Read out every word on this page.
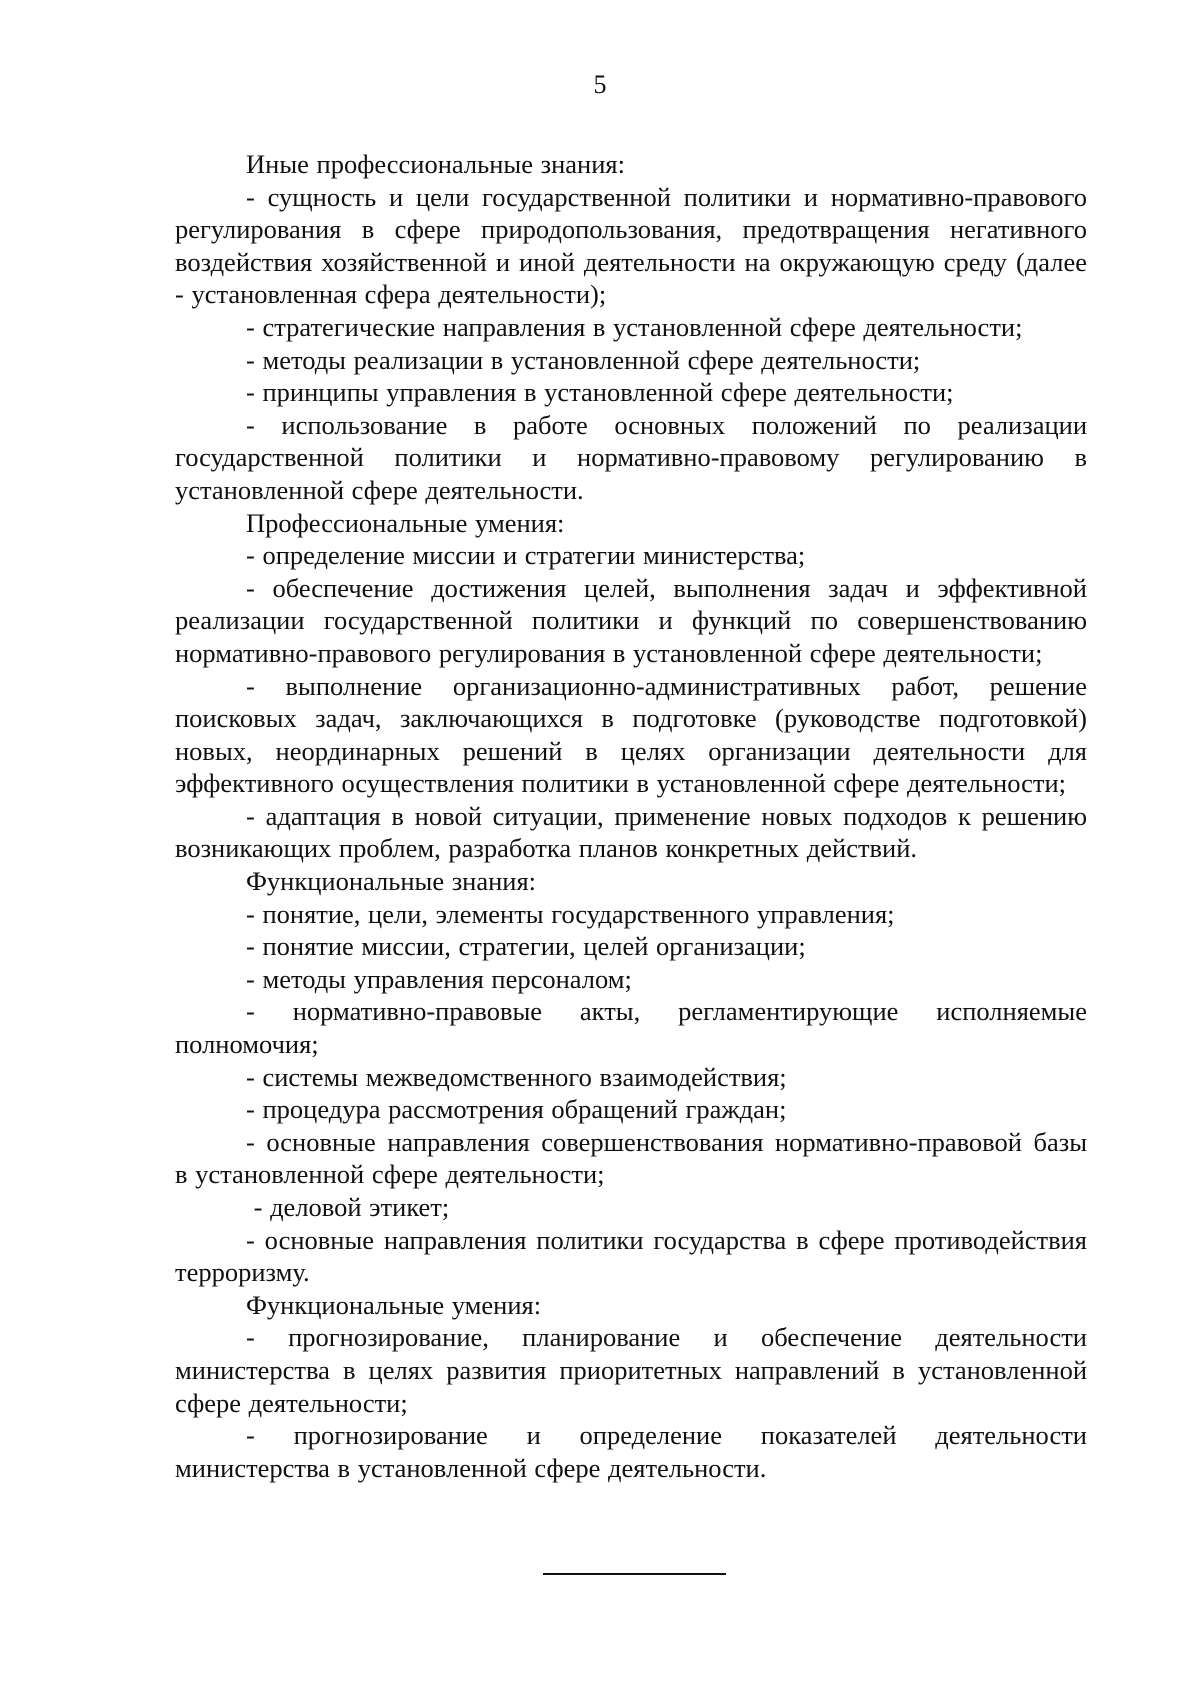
5

Иные профессиональные знания:

- сущность и цели государственной политики и нормативно-правового регулирования в сфере природопользования, предотвращения негативного воздействия хозяйственной и иной деятельности на окружающую среду (далее - установленная сфера деятельности);

- стратегические направления в установленной сфере деятельности;

- методы реализации в установленной сфере деятельности;

- принципы управления в установленной сфере деятельности;

- использование в работе основных положений по реализации государственной политики и нормативно-правовому регулированию в установленной сфере деятельности.

Профессиональные умения:

- определение миссии и стратегии министерства;

- обеспечение достижения целей, выполнения задач и эффективной реализации государственной политики и функций по совершенствованию нормативно-правового регулирования в установленной сфере деятельности;

- выполнение организационно-административных работ, решение поисковых задач, заключающихся в подготовке (руководстве подготовкой) новых, неординарных решений в целях организации деятельности для эффективного осуществления политики в установленной сфере деятельности;

- адаптация в новой ситуации, применение новых подходов к решению возникающих проблем, разработка планов конкретных действий.

Функциональные знания:

- понятие, цели, элементы государственного управления;

- понятие миссии, стратегии, целей организации;

- методы управления персоналом;

- нормативно-правовые акты, регламентирующие исполняемые полномочия;

- системы межведомственного взаимодействия;

- процедура рассмотрения обращений граждан;

- основные направления совершенствования нормативно-правовой базы в установленной сфере деятельности;

- деловой этикет;

- основные направления политики государства в сфере противодействия терроризму.

Функциональные умения:

- прогнозирование, планирование и обеспечение деятельности министерства в целях развития приоритетных направлений в установленной сфере деятельности;

- прогнозирование и определение показателей деятельности министерства в установленной сфере деятельности.
